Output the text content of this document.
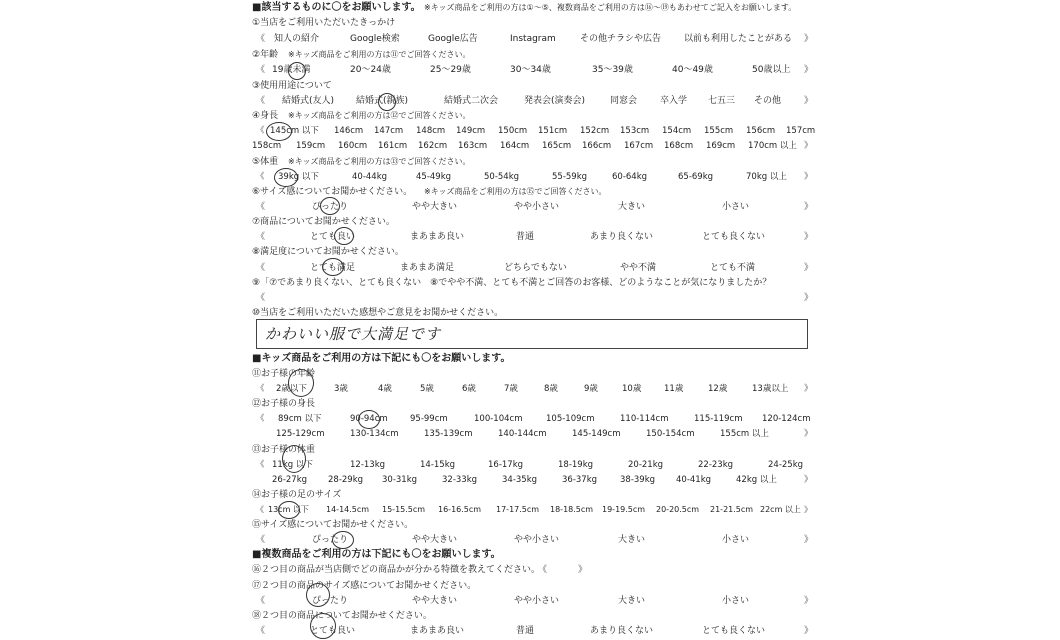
■該当するものに〇をお願いします。 ※キッズ商品をご利用の方は①〜⑤、複数商品をご利用の方は⑯〜⑲もあわせてご記入をお願いします。
①当店をご利用いただいたきっかけ
《 知人の紹介	Google検索	Google広告	Instagram	その他チラシや広告	以前も利用したことがある 》
②年齢 ※キッズ商品をご利用の方は⑪でご回答ください。
《 19歳未満	20〜24歳	25〜29歳	30〜34歳	35〜39歳	40〜49歳	50歳以上 》
③使用用途について
《 結婚式(友人) 結婚式(親族)	結婚式二次会	発表会(演奏会)	同窓会	卒入学 七五三 その他	》
④身長 ※キッズ商品をご利用の方は⑫でご回答ください。
《 145cm 以下 146cm 147cm 148cm 149cm 150cm 151cm 152cm 153cm 154cm 155cm 156cm 157cm
158cm 159cm 160cm 161cm 162cm 163cm 164cm 165cm 166cm 167cm 168cm 169cm 170cm 以上 》
⑤体重 ※キッズ商品をご利用の方は⑬でご回答ください。
《 39kg 以下	40-44kg	45-49kg	50-54kg	55-59kg	60-64kg	65-69kg	70kg 以上 》
⑥サイズ感についてお聞かせください。 ※キッズ商品をご利用の方は⑮でご回答ください。
《	ぴったり	やや大きい	やや小さい	大きい	小さい	》
⑦商品についてお聞かせください。
《	とても良い	まあまあ良い	普通	あまり良くない	とても良くない	》
⑧満足度についてお聞かせください。
《	とても満足	まあまあ満足	どちらでもない	やや不満	とても不満	》
⑨「⑦であまり良くない、とても良くない　⑧でやや不満、とても不満とご回答のお客様、どのようなことが気になりましたか？
《	》
⑩当店をご利用いただいた感想やご意見をお聞かせください。
かわいい服で大満足です
■キッズ商品をご利用の方は下記にも〇をお願いします。
⑪お子様の年齢
《 2歳以下	3歳	4歳	5歳	6歳	7歳	8歳	9歳	10歳	11歳	12歳	13歳以上 》
⑫お子様の身長
《 89cm 以下	90-94cm	95-99cm	100-104cm	105-109cm	110-114cm	115-119cm 120-124cm
125-129cm	130-134cm	135-139cm	140-144cm	145-149cm	150-154cm	155cm 以上	》
⑬お子様の体重
《 11kg 以下	12-13kg	14-15kg	16-17kg	18-19kg	20-21kg	22-23kg	24-25kg
26-27kg 28-29kg 30-31kg	32-33kg	34-35kg	36-37kg	38-39kg 40-41kg	42kg 以上	》
⑭お子様の足のサイズ
《 13cm 以下 14-14.5cm 15-15.5cm 16-16.5cm 17-17.5cm 18-18.5cm 19-19.5cm 20-20.5cm 21-21.5cm 22cm 以上 》
⑮サイズ感についてお聞かせください。
《	ぴったり	やや大きい	やや小さい	大きい	小さい	》
■複数商品をご利用の方は下記にも〇をお願いします。
⑯２つ目の商品が当店側でどの商品かが分かる特徴を教えてください。
《	》
⑰２つ目の商品のサイズ感についてお聞かせください。
《	ぴったり	やや大きい	やや小さい	大きい	小さい	》
⑱２つ目の商品についてお聞かせください。
《	とても良い	まあまあ良い	普通	あまり良くない	とても良くない	》
